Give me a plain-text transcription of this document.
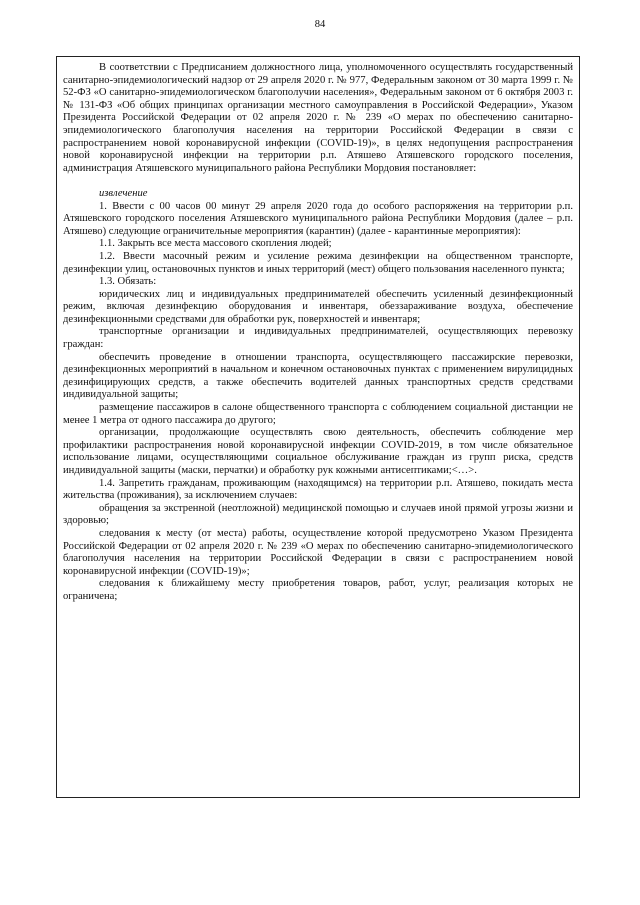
84

В соответствии с Предписанием должностного лица, уполномоченного осуществлять государственный санитарно-эпидемиологический надзор от 29 апреля 2020 г. № 977, Федеральным законом от 30 марта 1999 г. № 52-ФЗ «О санитарно-эпидемиологическом благополучии населения», Федеральным законом от 6 октября 2003 г. № 131-ФЗ «Об общих принципах организации местного самоуправления в Российской Федерации», Указом Президента Российской Федерации от 02 апреля 2020 г. № 239 «О мерах по обеспечению санитарно-эпидемиологического благополучия населения на территории Российской Федерации в связи с распространением новой коронавирусной инфекции (COVID-19)», в целях недопущения распространения новой коронавирусной инфекции на территории р.п. Атяшево Атяшевского городского поселения, администрация Атяшевского муниципального района Республики Мордовия постановляет:

извлечение

1. Ввести с 00 часов 00 минут 29 апреля 2020 года до особого распоряжения на территории р.п. Атяшевского городского поселения Атяшевского муниципального района Республики Мордовия (далее – р.п. Атяшево) следующие ограничительные мероприятия (карантин) (далее - карантинные мероприятия):

1.1. Закрыть все места массового скопления людей;

1.2. Ввести масочный режим и усиление режима дезинфекции на общественном транспорте, дезинфекции улиц, остановочных пунктов и иных территорий (мест) общего пользования населенного пункта;

1.3. Обязать:

юридических лиц и индивидуальных предпринимателей обеспечить усиленный дезинфекционный режим, включая дезинфекцию оборудования и инвентаря, обеззараживание воздуха, обеспечение дезинфекционными средствами для обработки рук, поверхностей и инвентаря;

транспортные организации и индивидуальных предпринимателей, осуществляющих перевозку граждан:

обеспечить проведение в отношении транспорта, осуществляющего пассажирские перевозки, дезинфекционных мероприятий в начальном и конечном остановочных пунктах с применением вирулицидных дезинфицирующих средств, а также обеспечить водителей данных транспортных средств средствами индивидуальной защиты;

размещение пассажиров в салоне общественного транспорта с соблюдением социальной дистанции не менее 1 метра от одного пассажира до другого;

организации, продолжающие осуществлять свою деятельность, обеспечить соблюдение мер профилактики распространения новой коронавирусной инфекции COVID-2019, в том числе обязательное использование лицами, осуществляющими социальное обслуживание граждан из групп риска, средств индивидуальной защиты (маски, перчатки) и обработку рук кожными антисептиками;<…>.

1.4. Запретить гражданам, проживающим (находящимся) на территории р.п. Атяшево, покидать места жительства (проживания), за исключением случаев:

обращения за экстренной (неотложной) медицинской помощью и случаев иной прямой угрозы жизни и здоровью;

следования к месту (от места) работы, осуществление которой предусмотрено Указом Президента Российской Федерации от 02 апреля 2020 г. № 239 «О мерах по обеспечению санитарно-эпидемиологического благополучия населения на территории Российской Федерации в связи с распространением новой коронавирусной инфекции (COVID-19)»;

следования к ближайшему месту приобретения товаров, работ, услуг, реализация которых не ограничена;
